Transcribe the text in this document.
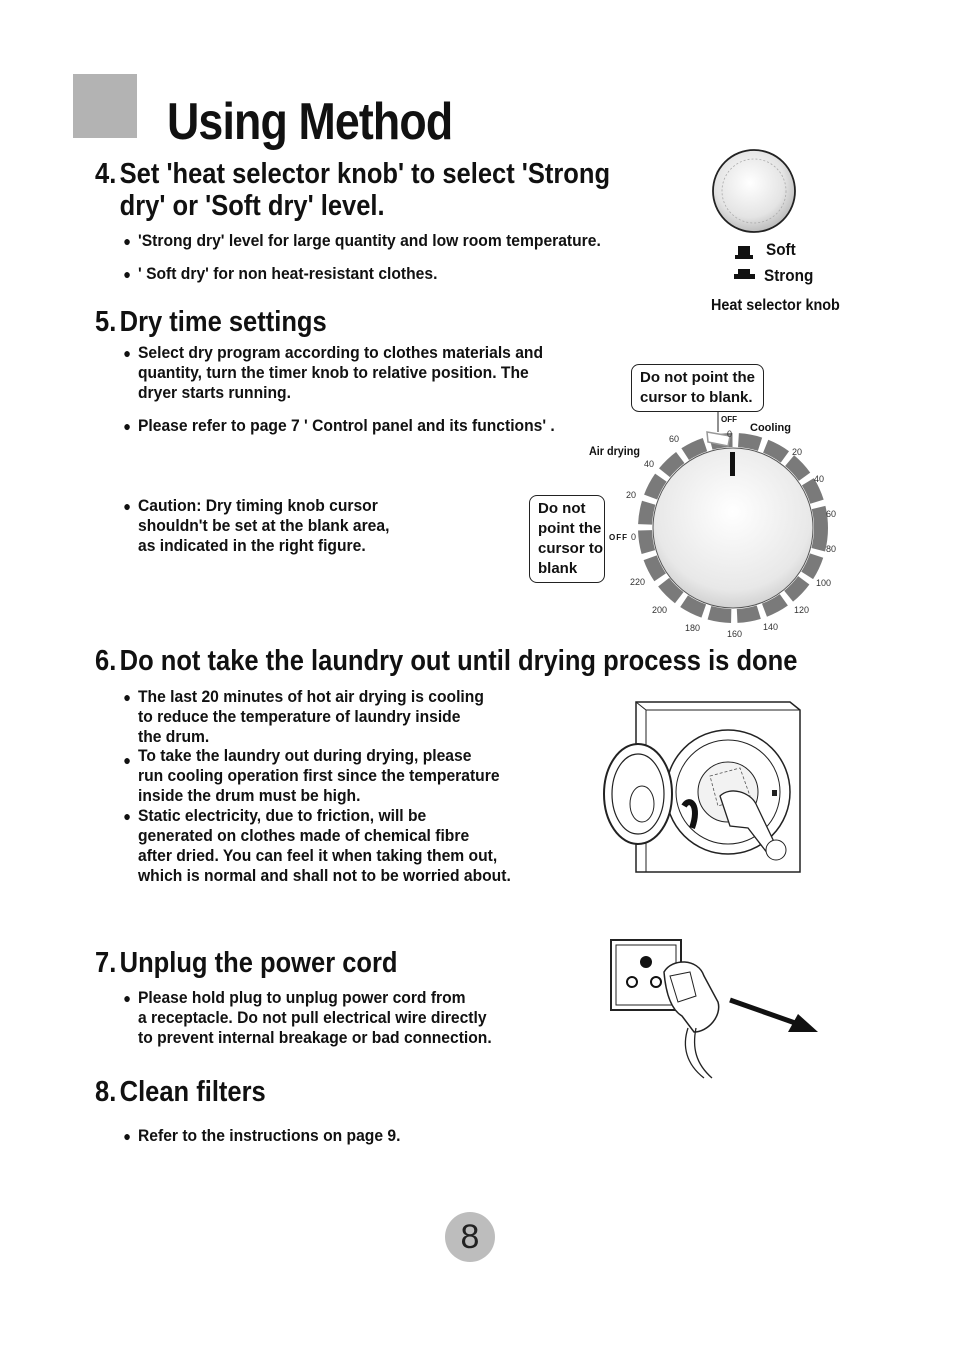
Using Method
4. Set 'heat selector knob' to select 'Strong
dry' or 'Soft dry' level.
● 'Strong dry' level for large quantity and low room temperature.
● ' Soft dry' for non heat-resistant clothes.
Soft
Strong
Heat selector knob
5. Dry time settings
● Select dry program according to clothes materials and
quantity, turn the timer knob to relative position. The
dryer starts running.
● Please refer to page 7 ' Control panel and its functions' .
● Caution: Dry timing knob cursor
shouldn't be set at the blank area,
as indicated in the right figure.
60
40
20
0
OFF
0
OFF
20
40
60
80
100
120
140
160
180
200
220
Air drying
Cooling
Do not point the
cursor to blank.
Do not
point the
cursor to
blank
6. Do not take the laundry out until drying process is done
● The last 20 minutes of hot air drying is cooling
to reduce the temperature of laundry inside
the drum.
● To take the laundry out during drying, please
run cooling operation first since the temperature
inside the drum must be high.
● Static electricity, due to friction, will be
generated on clothes made of chemical fibre
after dried. You can feel it when taking them out,
which is normal and shall not to be worried about.
7. Unplug the power cord
● Please hold plug to unplug power cord from
a receptacle. Do not pull electrical wire directly
to prevent internal breakage or bad connection.
8. Clean filters
● Refer to the instructions on page 9.
8
